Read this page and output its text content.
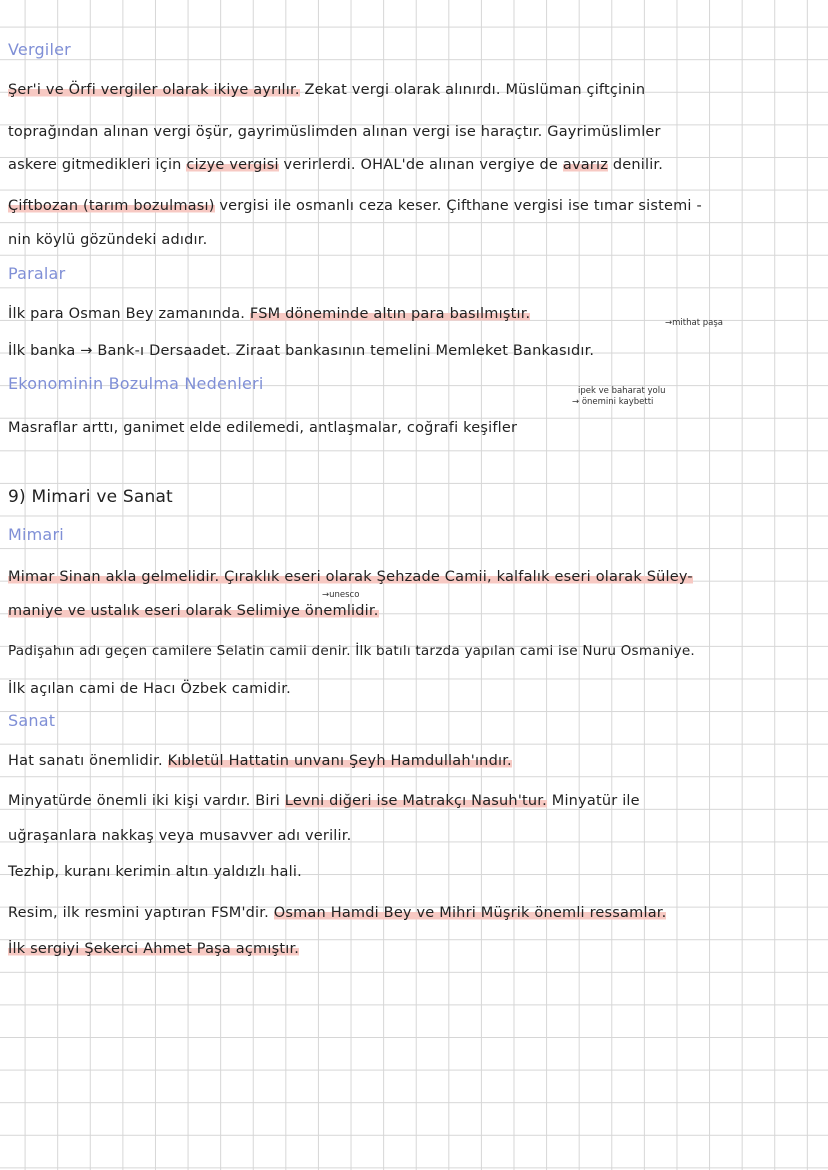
Vergiler
Şer'i ve Örfi vergiler olarak ikiye ayrılır. Zekat vergi olarak alınırdı. Müslüman çiftçinin
toprağından alınan vergi öşür, gayrimüslimden alınan vergi ise haraçtır. Gayrimüslimler
askere gitmedikleri için cizye vergisi verirlerdi. OHAL'de alınan vergiye de avarız denilir.
Çiftbozan (tarım bozulması) vergisi ile osmanlı ceza keser. Çifthane vergisi ise tımar sistemi -
nin köylü gözündeki adıdır.
Paralar
İlk para Osman Bey zamanında. FSM döneminde altın para basılmıştır.
→mithat paşa
İlk banka → Bank-ı Dersaadet. Ziraat bankasının temelini Memleket Bankasıdır.
Ekonominin Bozulma Nedenleri	ipek ve baharat yolu
→ önemini kaybetti
Masraflar arttı, ganimet elde edilemedi, antlaşmalar, coğrafi keşifler
9) Mimari ve Sanat
Mimari
Mimar Sinan akla gelmelidir. Çıraklık eseri olarak Şehzade Camii, kalfalık eseri olarak Süley-
→unesco
maniye ve ustalık eseri olarak Selimiye önemlidir.
Padişahın adı geçen camilere Selatin camii denir. İlk batılı tarzda yapılan cami ise Nuru Osmaniye.
İlk açılan cami de Hacı Özbek camidir.
Sanat
Hat sanatı önemlidir. Kıbletül Hattatin unvanı Şeyh Hamdullah'ındır.
Minyatürde önemli iki kişi vardır. Biri Levni diğeri ise Matrakçı Nasuh'tur. Minyatür ile
uğraşanlara nakkaş veya musavver adı verilir.
Tezhip, kuranı kerimin altın yaldızlı hali.
Resim, ilk resmini yaptıran FSM'dir. Osman Hamdi Bey ve Mihri Müşrik önemli ressamlar.
İlk sergiyi Şekerci Ahmet Paşa açmıştır.
